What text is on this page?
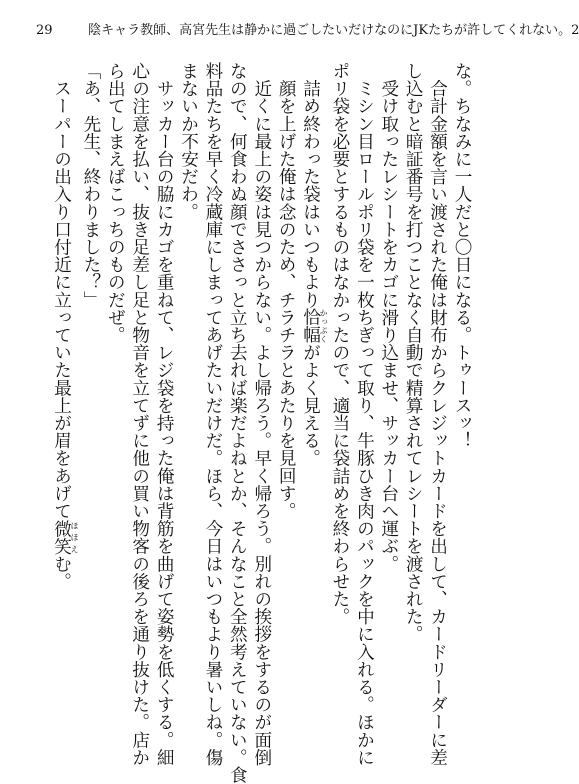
29	陰キャラ教師、高宮先生は静かに過ごしたいだけなのにJKたちが許してくれない。2
な。ちなみに一人だと〇日になる。トゥースッ！
　合計金額を言い渡された俺は財布からクレジットカードを出して、カードリーダーに差
し込むと暗証番号を打つことなく自動で精算されてレシートを渡された。
　受け取ったレシートをカゴに滑り込ませ、サッカー台へ運ぶ。
　ミシン目ロールポリ袋を一枚ちぎって取り、牛豚ひき肉のパックを中に入れる。ほかに
ポリ袋を必要とするものはなかったので、適当に袋詰めを終わらせた。
　詰め終わった袋はいつもより恰幅かっぷくがよく見える。
　顔を上げた俺は念のため、チラチラとあたりを見回す。
　近くに最上の姿は見つからない。よし帰ろう。早く帰ろう。別れの挨拶をするのが面倒
なので、何食わぬ顔でささっと立ち去れば楽だよねとか、そんなこと全然考えていない。食
料品たちを早く冷蔵庫にしまってあげたいだけだ。ほら、今日はいつもより暑いしね。傷
まないか不安だわ。
　サッカー台の脇にカゴを重ねて、レジ袋を持った俺は背筋を曲げて姿勢を低くする。細
心の注意を払い、抜き足差し足と物音を立てずに他の買い物客の後ろを通り抜けた。店か
ら出てしまえばこっちのものだぜ。
「あ、先生、終わりました？」
　スーパーの出入り口付近に立っていた最上が眉をあげて微笑ほほえむ。
